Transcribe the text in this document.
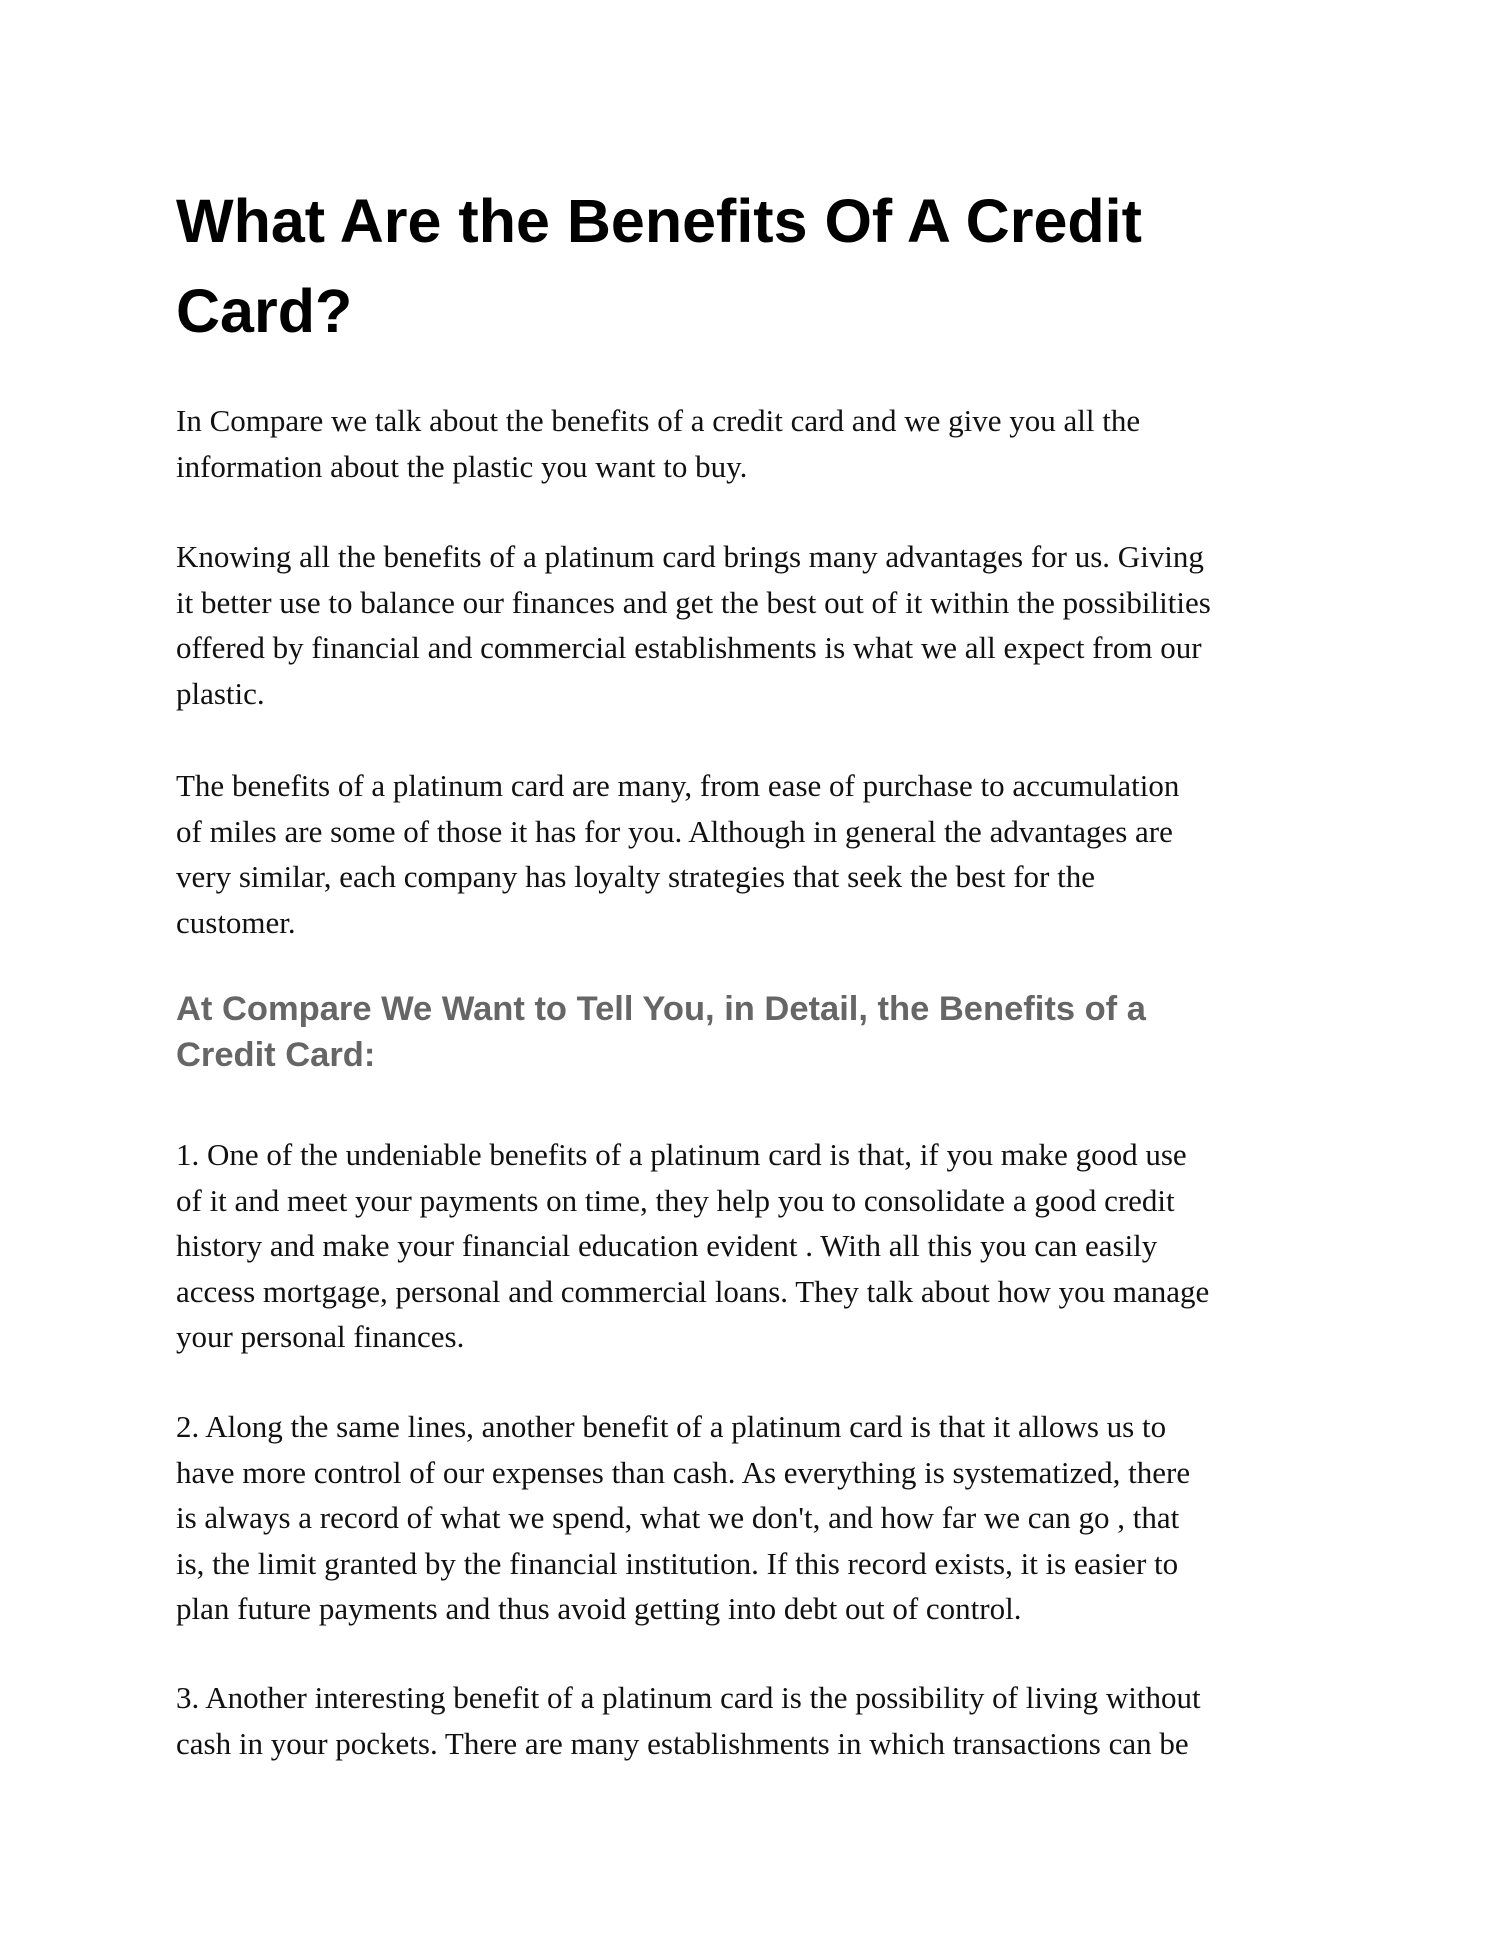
What Are the Benefits Of A Credit
Card?

In Compare we talk about the benefits of a credit card and we give you all the
information about the plastic you want to buy.

Knowing all the benefits of a platinum card brings many advantages for us. Giving
it better use to balance our finances and get the best out of it within the possibilities
offered by financial and commercial establishments is what we all expect from our
plastic.

The benefits of a platinum card are many, from ease of purchase to accumulation
of miles are some of those it has for you. Although in general the advantages are
very similar, each company has loyalty strategies that seek the best for the
customer.

At Compare We Want to Tell You, in Detail, the Benefits of a
Credit Card:

1. One of the undeniable benefits of a platinum card is that, if you make good use
of it and meet your payments on time, they help you to consolidate a good credit
history and make your financial education evident . With all this you can easily
access mortgage, personal and commercial loans. They talk about how you manage
your personal finances.

2. Along the same lines, another benefit of a platinum card is that it allows us to
have more control of our expenses than cash. As everything is systematized, there
is always a record of what we spend, what we don't, and how far we can go , that
is, the limit granted by the financial institution. If this record exists, it is easier to
plan future payments and thus avoid getting into debt out of control.

3. Another interesting benefit of a platinum card is the possibility of living without
cash in your pockets. There are many establishments in which transactions can be
